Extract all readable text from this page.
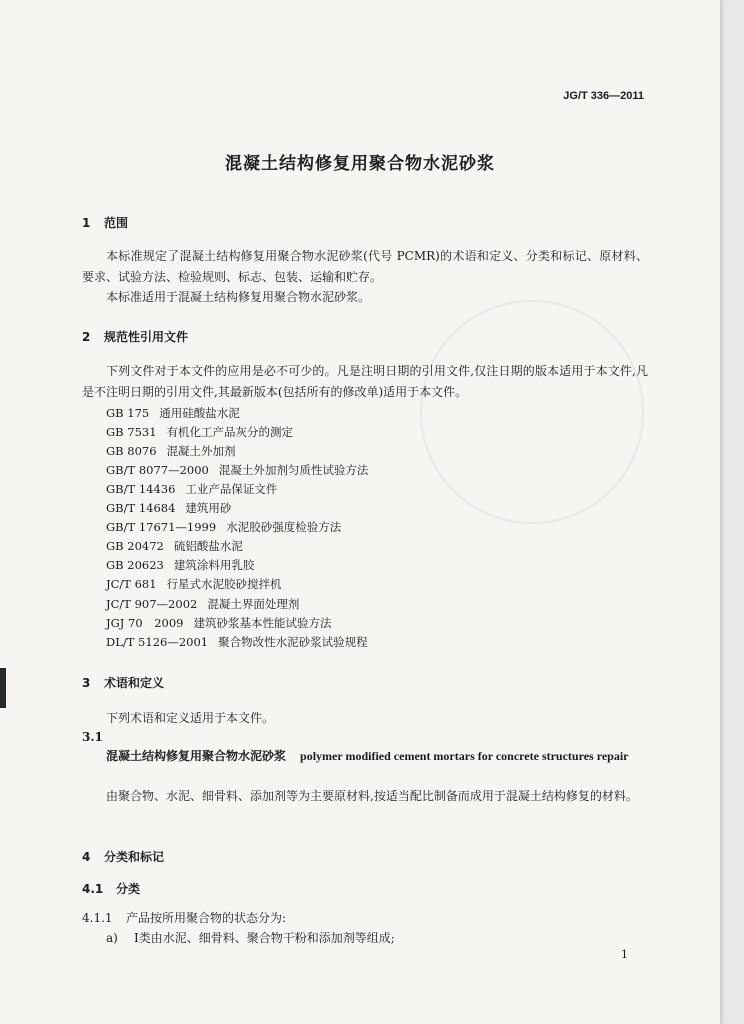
JG/T 336—2011
混凝土结构修复用聚合物水泥砂浆
1 范围
本标准规定了混凝土结构修复用聚合物水泥砂浆(代号 PCMR)的术语和定义、分类和标记、原材料、要求、试验方法、检验规则、标志、包装、运输和贮存。
本标准适用于混凝土结构修复用聚合物水泥砂浆。
2 规范性引用文件
下列文件对于本文件的应用是必不可少的。凡是注明日期的引用文件,仅注日期的版本适用于本文件,凡是不注明日期的引用文件,其最新版本(包括所有的修改单)适用于本文件。
GB 175 通用硅酸盐水泥
GB 7531 有机化工产品灰分的测定
GB 8076 混凝土外加剂
GB/T 8077—2000 混凝土外加剂匀质性试验方法
GB/T 14436 工业产品保证文件
GB/T 14684 建筑用砂
GB/T 17671—1999 水泥胶砂强度检验方法
GB 20472 硫铝酸盐水泥
GB 20623 建筑涂料用乳胶
JC/T 681 行星式水泥胶砂搅拌机
JC/T 907—2002 混凝土界面处理剂
JGJ 70　2009 建筑砂浆基本性能试验方法
DL/T 5126—2001 聚合物改性水泥砂浆试验规程
3 术语和定义
下列术语和定义适用于本文件。
3.1
混凝土结构修复用聚合物水泥砂浆 polymer modified cement mortars for concrete structures repair
由聚合物、水泥、细骨料、添加剂等为主要原材料,按适当配比制备而成用于混凝土结构修复的材料。
4 分类和标记
4.1 分类
4.1.1 产品按所用聚合物的状态分为:
a) Ⅰ类由水泥、细骨料、聚合物干粉和添加剂等组成;
1
